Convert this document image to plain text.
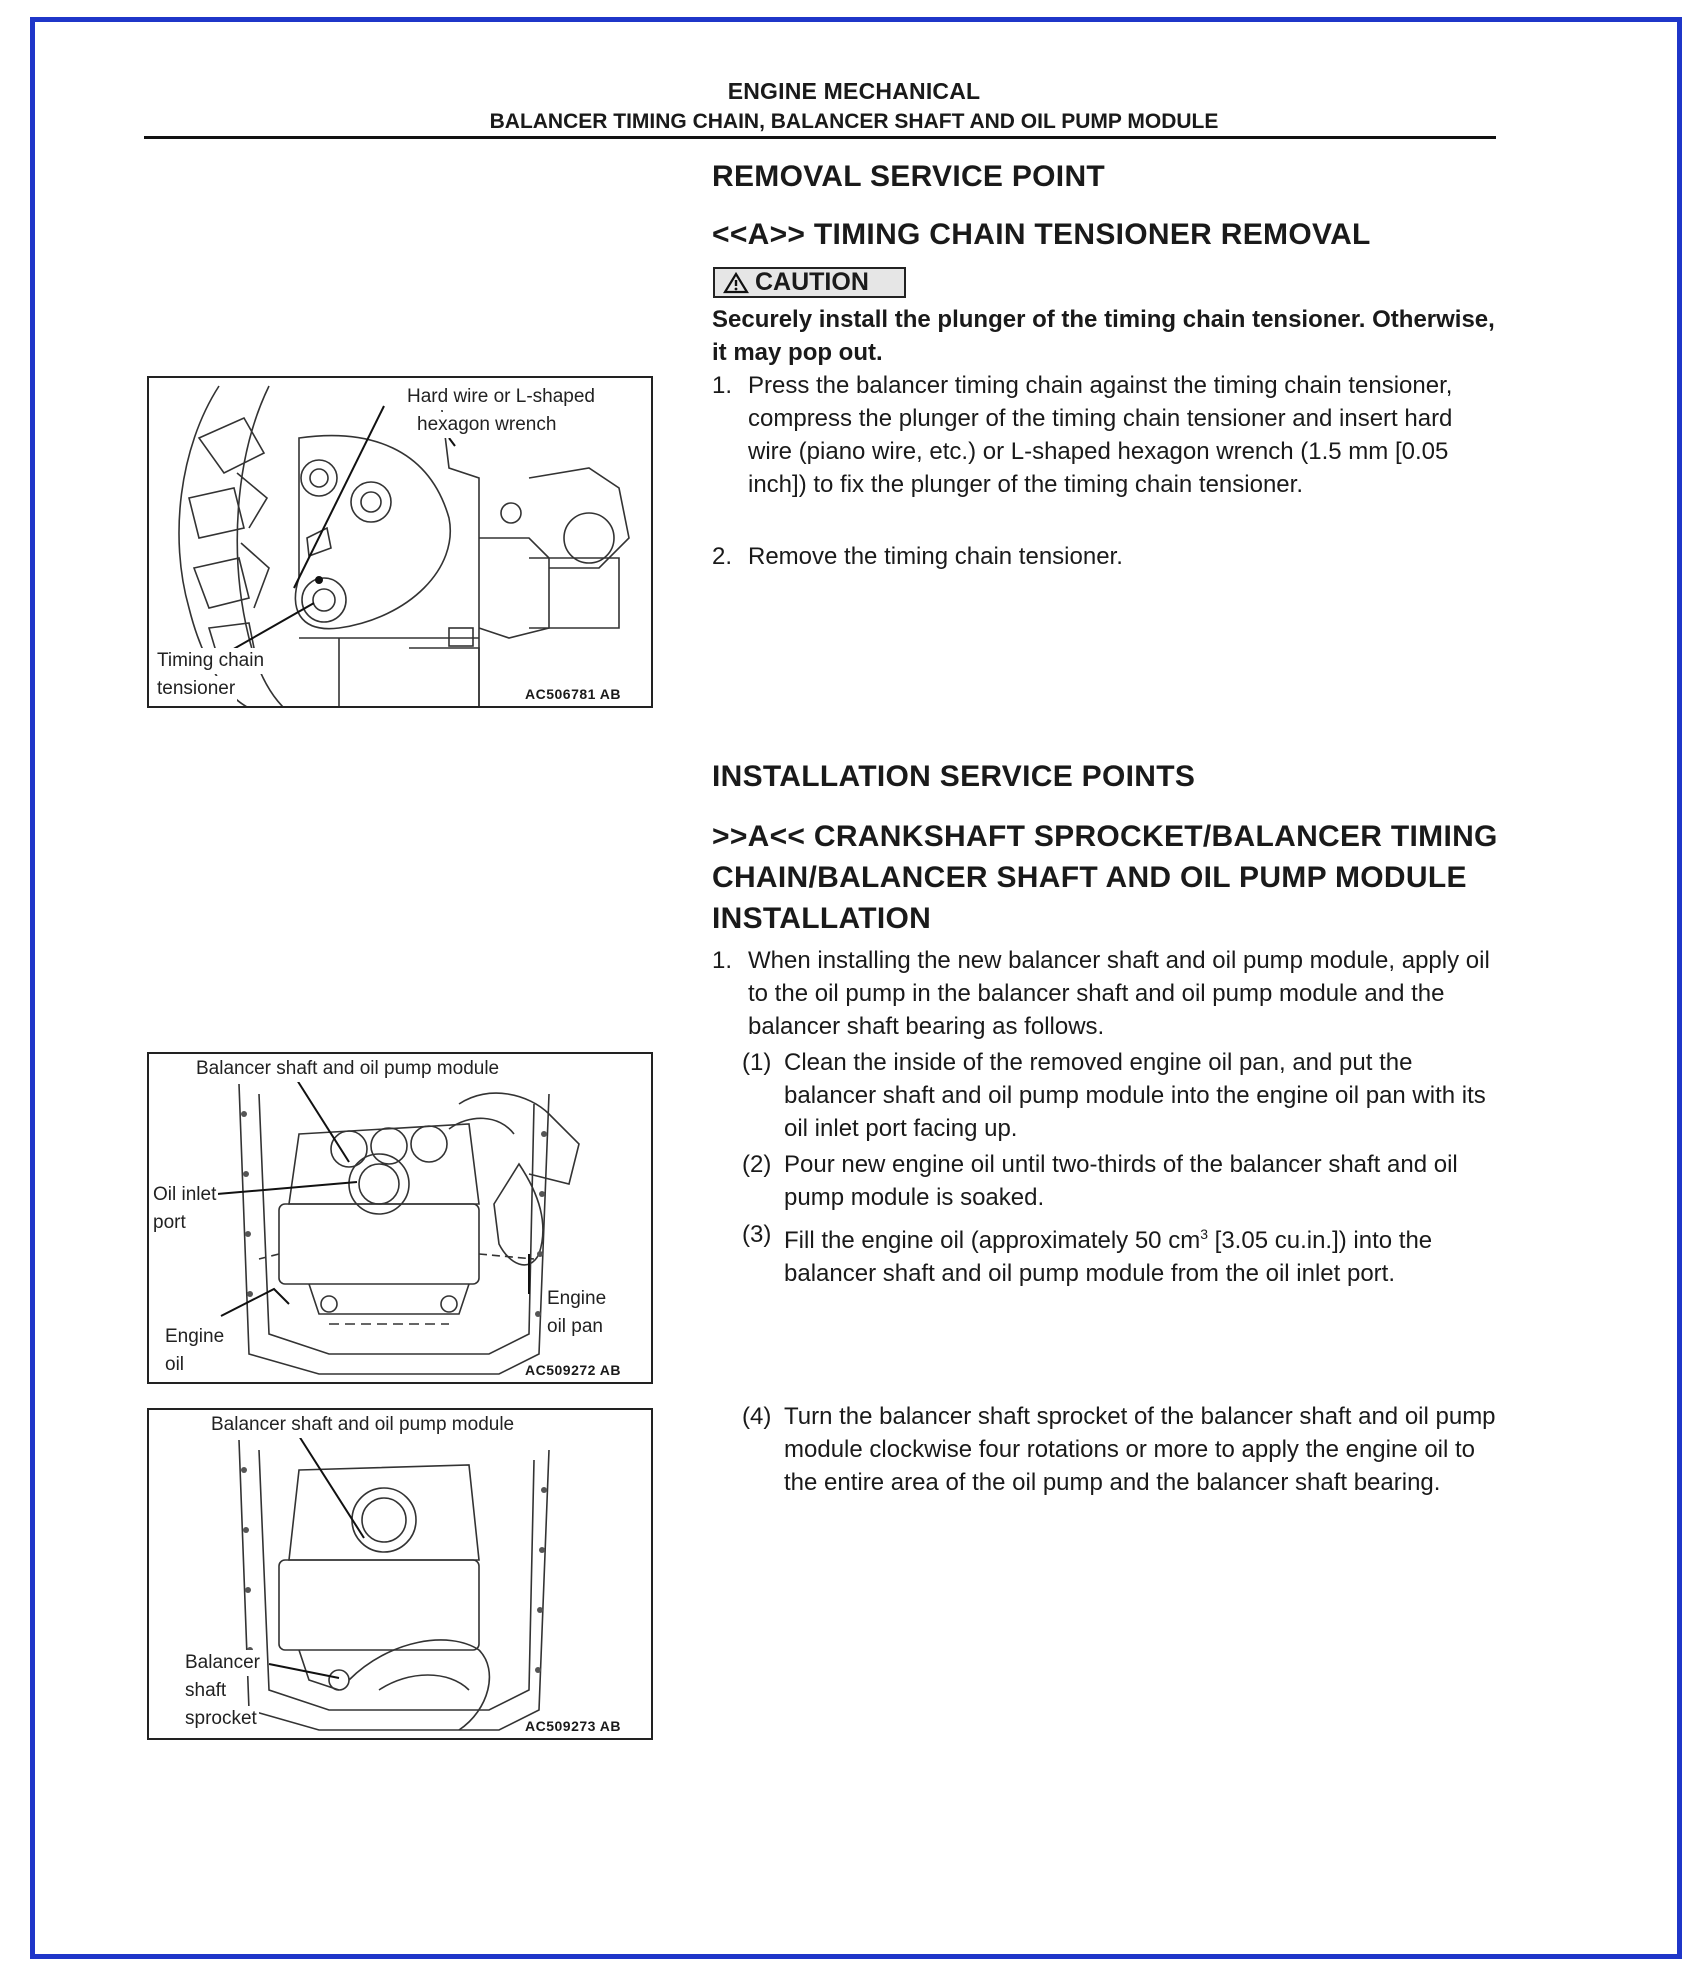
ENGINE MECHANICAL
BALANCER TIMING CHAIN, BALANCER SHAFT AND OIL PUMP MODULE
REMOVAL SERVICE POINT
<<A>> TIMING CHAIN TENSIONER REMOVAL
CAUTION
Securely install the plunger of the timing chain tensioner. Otherwise, it may pop out.
1. Press the balancer timing chain against the timing chain tensioner, compress the plunger of the timing chain tensioner and insert hard wire (piano wire, etc.) or L-shaped hexagon wrench (1.5 mm [0.05 inch]) to fix the plunger of the timing chain tensioner.
2. Remove the timing chain tensioner.
INSTALLATION SERVICE POINTS
>>A<< CRANKSHAFT SPROCKET/BALANCER TIMING CHAIN/BALANCER SHAFT AND OIL PUMP MODULE INSTALLATION
1. When installing the new balancer shaft and oil pump module, apply oil to the oil pump in the balancer shaft and oil pump module and the balancer shaft bearing as follows.
(1) Clean the inside of the removed engine oil pan, and put the balancer shaft and oil pump module into the engine oil pan with its oil inlet port facing up.
(2) Pour new engine oil until two-thirds of the balancer shaft and oil pump module is soaked.
(3) Fill the engine oil (approximately 50 $cm^3$ [3.05 cu.in.]) into the balancer shaft and oil pump module from the oil inlet port.
(4) Turn the balancer shaft sprocket of the balancer shaft and oil pump module clockwise four rotations or more to apply the engine oil to the entire area of the oil pump and the balancer shaft bearing.
Hard wire or L-shaped
hexagon wrench
Timing chain
tensioner	AC506781 AB
Balancer shaft and oil pump module
Oil inlet
port
Engine
oil pan
Engine
oil	AC509272 AB
Balancer shaft and oil pump module
Balancer
shaft
sprocket	AC509273 AB
